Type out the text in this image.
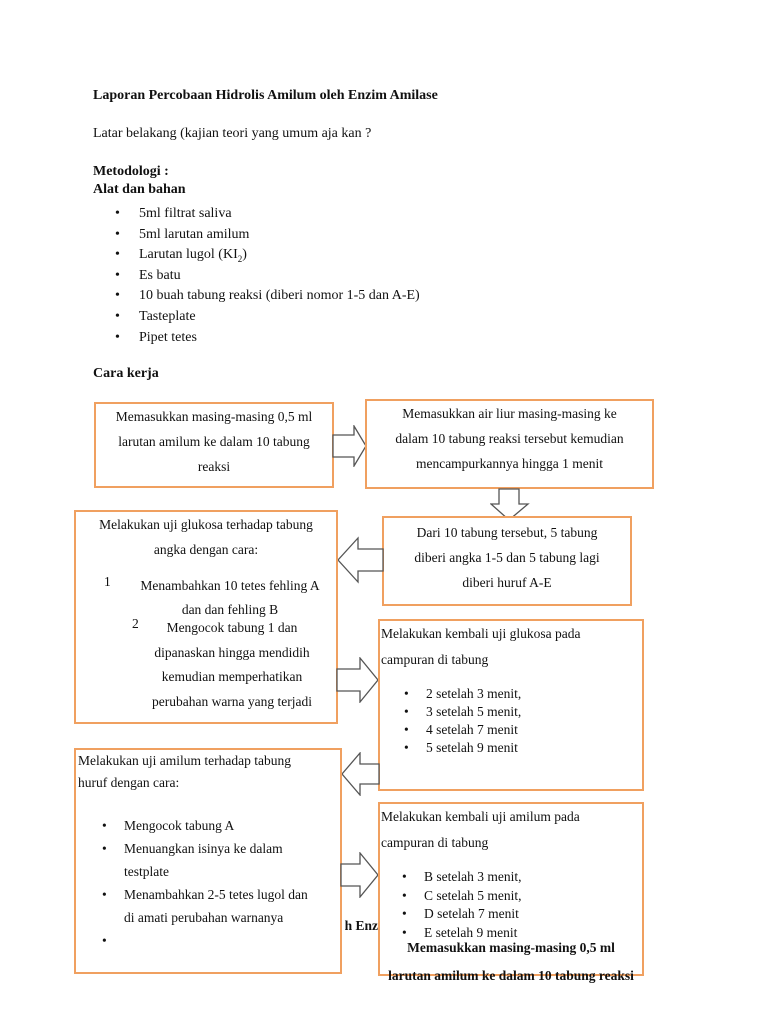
Laporan Percobaan Hidrolis Amilum oleh Enzim Amilase
Latar belakang (kajian teori yang umum aja kan ?
Metodologi :
Alat dan bahan
• 5ml filtrat saliva
• 5ml larutan amilum
• Larutan lugol $(KI_2)$
• Es batu
• 10 buah tabung reaksi (diberi nomor 1-5 dan A-E)
• Tasteplate
• Pipet tetes
Cara kerja
Memasukkan masing-masing 0,5 ml
larutan amilum ke dalam 10 tabung
reaksi
Memasukkan air liur masing-masing ke
dalam 10 tabung reaksi tersebut kemudian
mencampurkannya hingga 1 menit
Dari 10 tabung tersebut, 5 tabung
diberi angka 1-5 dan 5 tabung lagi
diberi huruf A-E
Melakukan uji glukosa terhadap tabung
angka dengan cara:
1	Menambahkan 10 tetes fehling A
dan dan fehling B
2	Mengocok tabung 1 dan
dipanaskan hingga mendidih
kemudian memperhatikan
perubahan warna yang terjadi
Melakukan kembali uji glukosa pada
campuran di tabung
• 2 setelah 3 menit,
• 3 setelah 5 menit,
• 4 setelah 7 menit
• 5 setelah 9 menit
Melakukan uji amilum terhadap tabung
huruf dengan cara:
• Mengocok tabung A
• Menuangkan isinya ke dalam
testplate
• Menambahkan 2-5 tetes lugol dan
di amati perubahan warnanya
•
h Enz
Melakukan kembali uji amilum pada
campuran di tabung
• B setelah 3 menit,
• C setelah 5 menit,
• D setelah 7 menit
• E setelah 9 menit
Memasukkan masing-masing 0,5 ml
larutan amilum ke dalam 10 tabung reaksi
